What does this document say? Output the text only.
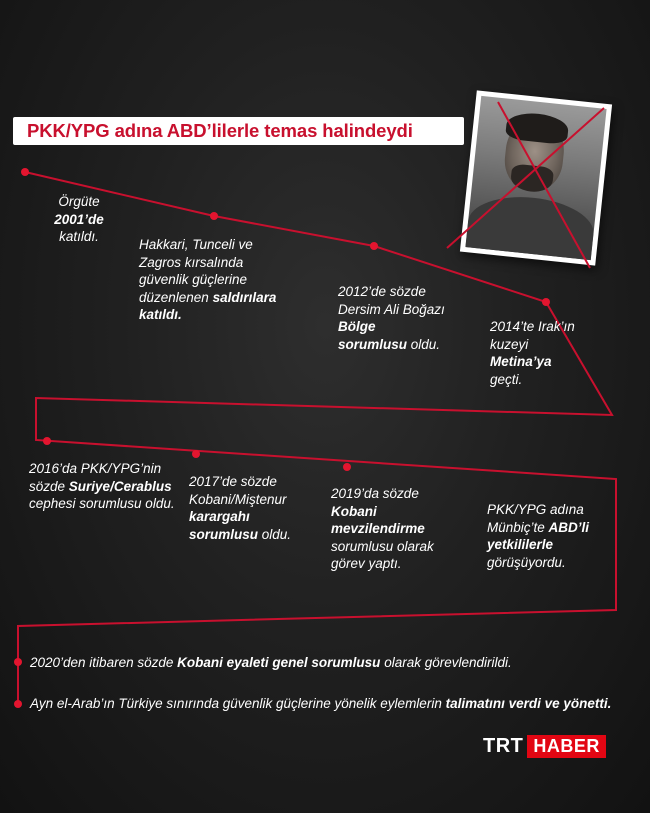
PKK/YPG adına ABD’lilerle temas halindeydi
Örgüte
2001’de
katıldı.
Hakkari, Tunceli ve Zagros kırsalında güvenlik güçlerine düzenlenen saldırılara katıldı.
2012’de sözde Dersim Ali Boğazı Bölge sorumlusu oldu.
2014’te Irak’ın kuzeyi
Metina’ya
geçti.
2016’da PKK/YPG’nin sözde Suriye/Cerablus cephesi sorumlusu oldu.
2017’de sözde Kobani/Miştenur karargahı sorumlusu oldu.
2019’da sözde Kobani mevzilendirme sorumlusu olarak görev yaptı.
PKK/YPG adına Münbiç’te ABD’li yetkililerle görüşüyordu.
2020’den itibaren sözde Kobani eyaleti genel sorumlusu olarak görevlendirildi.
Ayn el-Arab’ın Türkiye sınırında güvenlik güçlerine yönelik eylemlerin talimatını verdi ve yönetti.
TRT HABER
